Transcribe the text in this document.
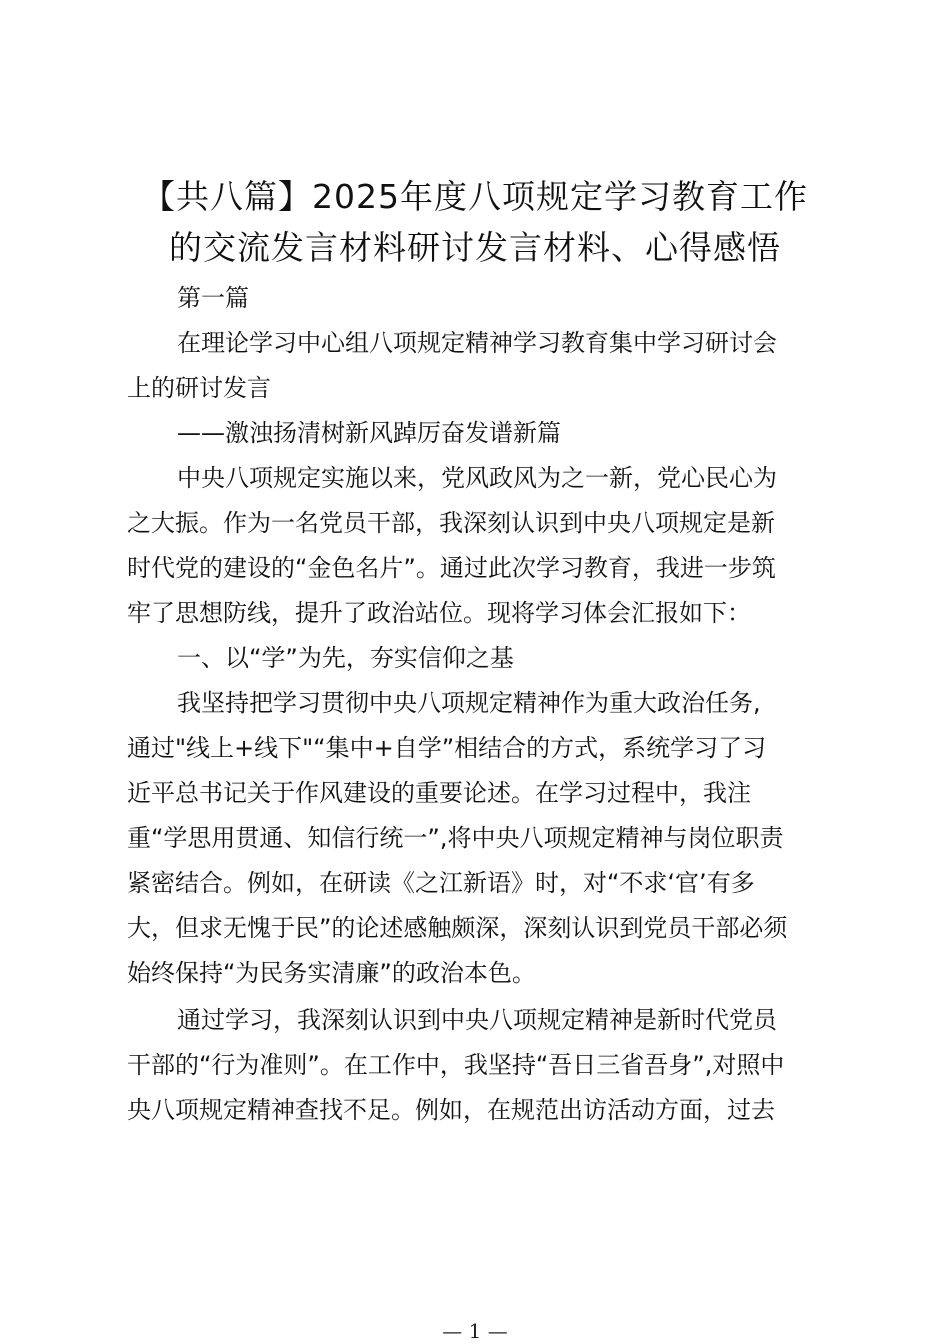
【共八篇】2025年度八项规定学习教育工作
的交流发言材料研讨发言材料、心得感悟

第一篇

在理论学习中心组八项规定精神学习教育集中学习研讨会
上的研讨发言

——激浊扬清树新风踔厉奋发谱新篇

中央八项规定实施以来，党风政风为之一新，党心民心为
之大振。作为一名党员干部，我深刻认识到中央八项规定是新
时代党的建设的“金色名片”。通过此次学习教育，我进一步筑
牢了思想防线，提升了政治站位。现将学习体会汇报如下：

一、以“学”为先，夯实信仰之基

我坚持把学习贯彻中央八项规定精神作为重大政治任务,
通过"线上+线下"“集中+自学”相结合的方式，系统学习了习
近平总书记关于作风建设的重要论述。在学习过程中，我注
重“学思用贯通、知信行统一”,将中央八项规定精神与岗位职责
紧密结合。例如，在研读《之江新语》时，对“不求‘官’有多
大，但求无愧于民”的论述感触颇深，深刻认识到党员干部必须
始终保持“为民务实清廉”的政治本色。

通过学习，我深刻认识到中央八项规定精神是新时代党员
干部的“行为准则”。在工作中，我坚持“吾日三省吾身”,对照中
央八项规定精神查找不足。例如，在规范出访活动方面，过去

— 1 —
